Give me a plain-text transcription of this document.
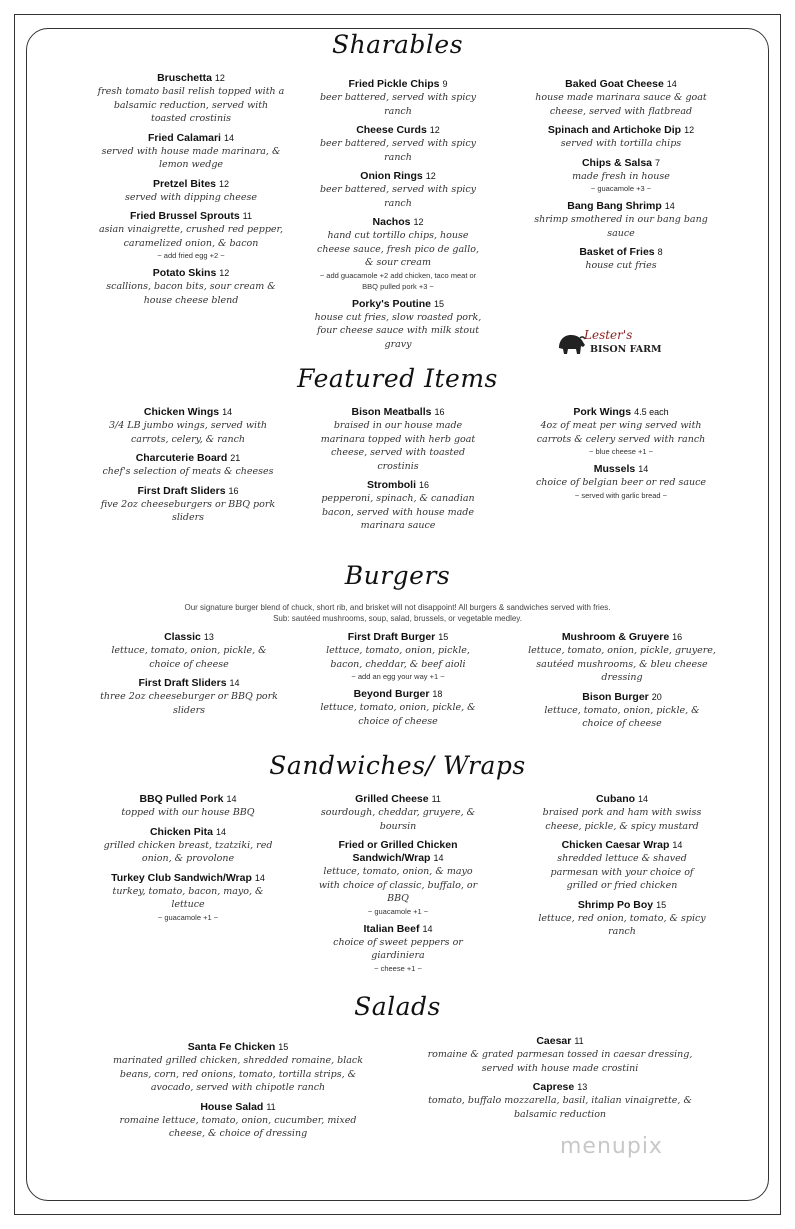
Sharables
Bruschetta 12
fresh tomato basil relish topped with a balsamic reduction, served with toasted crostinis
Fried Calamari 14
served with house made marinara, & lemon wedge
Pretzel Bites 12
served with dipping cheese
Fried Brussel Sprouts 11
asian vinaigrette, crushed red pepper, caramelized onion, & bacon
~ add fried egg +2 ~
Potato Skins 12
scallions, bacon bits, sour cream & house cheese blend
Fried Pickle Chips 9
beer battered, served with spicy ranch
Cheese Curds 12
beer battered, served with spicy ranch
Onion Rings 12
beer battered, served with spicy ranch
Nachos 12
hand cut tortillo chips, house cheese sauce, fresh pico de gallo, & sour cream
~ add guacamole +2 add chicken, taco meat or BBQ pulled pork +3 ~
Porky's Poutine 15
house cut fries, slow roasted pork, four cheese sauce with milk stout gravy
Baked Goat Cheese 14
house made marinara sauce & goat cheese, served with flatbread
Spinach and Artichoke Dip 12
served with tortilla chips
Chips & Salsa 7
made fresh in house
~ guacamole +3 ~
Bang Bang Shrimp 14
shrimp smothered in our bang bang sauce
Basket of Fries 8
house cut fries
Lester's
BISON FARM
Featured Items
Chicken Wings 14
3/4 LB jumbo wings, served with carrots, celery, & ranch
Charcuterie Board 21
chef's selection of meats & cheeses
First Draft Sliders 16
five 2oz cheeseburgers or BBQ pork sliders
Bison Meatballs 16
braised in our house made marinara topped with herb goat cheese, served with toasted crostinis
Stromboli 16
pepperoni, spinach, & canadian bacon, served with house made marinara sauce
Pork Wings 4.5 each
4oz of meat per wing served with carrots & celery served with ranch
~ blue cheese +1 ~
Mussels 14
choice of belgian beer or red sauce
~ served with garlic bread ~
Burgers
Our signature burger blend of chuck, short rib, and brisket will not disappoint! All burgers & sandwiches served with fries.
Sub: sautéed mushrooms, soup, salad, brussels, or vegetable medley.
Classic 13
lettuce, tomato, onion, pickle, & choice of cheese
First Draft Sliders 14
three 2oz cheeseburger or BBQ pork sliders
First Draft Burger 15
lettuce, tomato, onion, pickle, bacon, cheddar, & beef aioli
~ add an egg your way +1 ~
Beyond Burger 18
lettuce, tomato, onion, pickle, & choice of cheese
Mushroom & Gruyere 16
lettuce, tomato, onion, pickle, gruyere, sautéed mushrooms, & bleu cheese dressing
Bison Burger 20
lettuce, tomato, onion, pickle, & choice of cheese
Sandwiches/ Wraps
BBQ Pulled Pork 14
topped with our house BBQ
Chicken Pita 14
grilled chicken breast, tzatziki, red onion, & provolone
Turkey Club Sandwich/Wrap 14
turkey, tomato, bacon, mayo, & lettuce
~ guacamole +1 ~
Grilled Cheese 11
sourdough, cheddar, gruyere, & boursin
Fried or Grilled Chicken Sandwich/Wrap 14
lettuce, tomato, onion, & mayo with choice of classic, buffalo, or BBQ
~ guacamole +1 ~
Italian Beef 14
choice of sweet peppers or giardiniera
~ cheese +1 ~
Cubano 14
braised pork and ham with swiss cheese, pickle, & spicy mustard
Chicken Caesar Wrap 14
shredded lettuce & shaved parmesan with your choice of grilled or fried chicken
Shrimp Po Boy 15
lettuce, red onion, tomato, & spicy ranch
Salads
Santa Fe Chicken 15
marinated grilled chicken, shredded romaine, black beans, corn, red onions, tomato, tortilla strips, & avocado, served with chipotle ranch
House Salad 11
romaine lettuce, tomato, onion, cucumber, mixed cheese, & choice of dressing
Caesar 11
romaine & grated parmesan tossed in caesar dressing, served with house made crostini
Caprese 13
tomato, buffalo mozzarella, basil, italian vinaigrette, & balsamic reduction
menupix
